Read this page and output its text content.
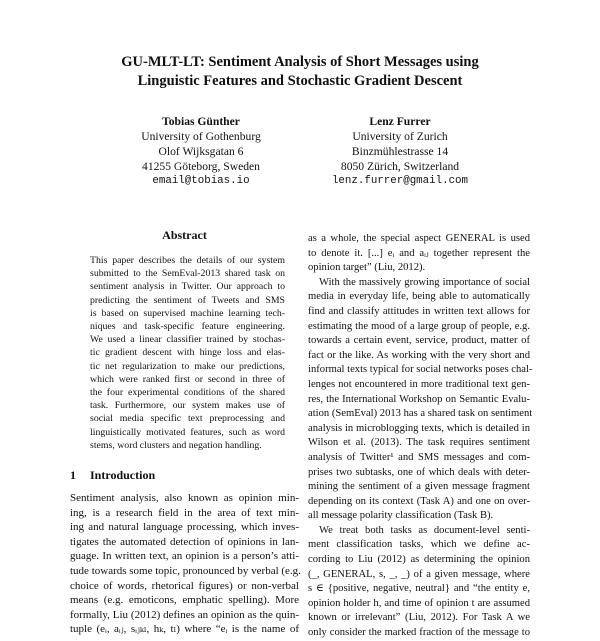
GU-MLT-LT: Sentiment Analysis of Short Messages using
Linguistic Features and Stochastic Gradient Descent
Tobias Günther
University of Gothenburg
Olof Wijksgatan 6
41255 Göteborg, Sweden
email@tobias.io
Lenz Furrer
University of Zurich
Binzmühlestrasse 14
8050 Zürich, Switzerland
lenz.furrer@gmail.com
Abstract
This paper describes the details of our system
submitted to the SemEval-2013 shared task on
sentiment analysis in Twitter. Our approach to
predicting the sentiment of Tweets and SMS
is based on supervised machine learning tech-
niques and task-specific feature engineering.
We used a linear classifier trained by stochas-
tic gradient descent with hinge loss and elas-
tic net regularization to make our predictions,
which were ranked first or second in three of
the four experimental conditions of the shared
task. Furthermore, our system makes use of
social media specific text preprocessing and
linguistically motivated features, such as word
stems, word clusters and negation handling.
1 Introduction
Sentiment analysis, also known as opinion min-
ing, is a research field in the area of text min-
ing and natural language processing, which inves-
tigates the automated detection of opinions in lan-
guage. In written text, an opinion is a person’s atti-
tude towards some topic, pronounced by verbal (e.g.
choice of words, rhetorical figures) or non-verbal
means (e.g. emoticons, emphatic spelling). More
formally, Liu (2012) defines an opinion as the quin-
tuple (eᵢ, aᵢⱼ, sᵢⱼₖₗ, hₖ, tₗ) where “eᵢ is the name of
as a whole, the special aspect GENERAL is used
to denote it. [...] eᵢ and aᵢⱼ together represent the
opinion target” (Liu, 2012).
With the massively growing importance of social
media in everyday life, being able to automatically
find and classify attitudes in written text allows for
estimating the mood of a large group of people, e.g.
towards a certain event, service, product, matter of
fact or the like. As working with the very short and
informal texts typical for social networks poses chal-
lenges not encountered in more traditional text gen-
res, the International Workshop on Semantic Evalu-
ation (SemEval) 2013 has a shared task on sentiment
analysis in microblogging texts, which is detailed in
Wilson et al. (2013). The task requires sentiment
analysis of Twitter¹ and SMS messages and com-
prises two subtasks, one of which deals with deter-
mining the sentiment of a given message fragment
depending on its context (Task A) and one on over-
all message polarity classification (Task B).
We treat both tasks as document-level senti-
ment classification tasks, which we define ac-
cording to Liu (2012) as determining the opinion
(_, GENERAL, s, _, _) of a given message, where
s ∈ {positive, negative, neutral} and “the entity e,
opinion holder h, and time of opinion t are assumed
known or irrelevant” (Liu, 2012). For Task A we
only consider the marked fraction of the message to
